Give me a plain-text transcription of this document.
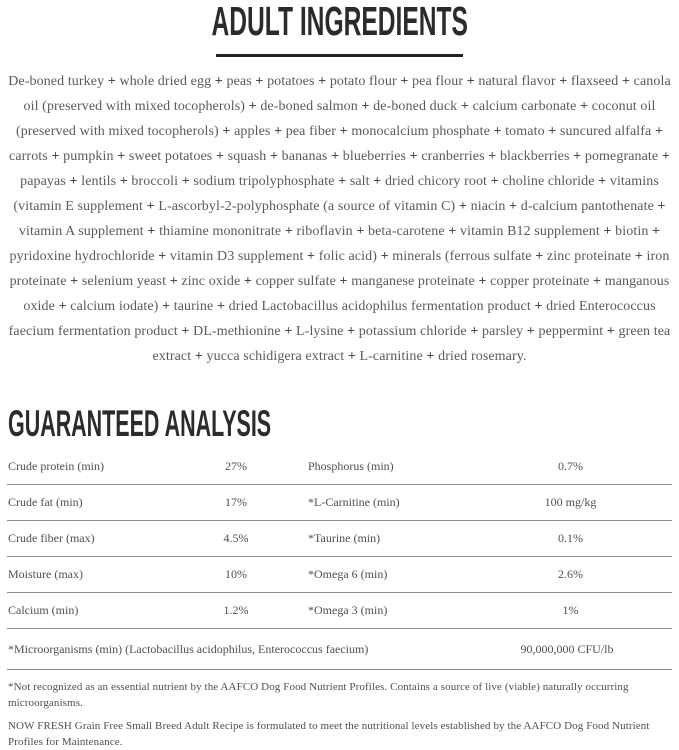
ADULT INGREDIENTS

De-boned turkey + whole dried egg + peas + potatoes + potato flour + pea flour + natural flavor + flaxseed + canola oil (preserved with mixed tocopherols) + de-boned salmon + de-boned duck + calcium carbonate + coconut oil (preserved with mixed tocopherols) + apples + pea fiber + monocalcium phosphate + tomato + suncured alfalfa + carrots + pumpkin + sweet potatoes + squash + bananas + blueberries + cranberries + blackberries + pomegranate + papayas + lentils + broccoli + sodium tripolyphosphate + salt + dried chicory root + choline chloride + vitamins (vitamin E supplement + L-ascorbyl-2-polyphosphate (a source of vitamin C) + niacin + d-calcium pantothenate + vitamin A supplement + thiamine mononitrate + riboflavin + beta-carotene + vitamin B12 supplement + biotin + pyridoxine hydrochloride + vitamin D3 supplement + folic acid) + minerals (ferrous sulfate + zinc proteinate + iron proteinate + selenium yeast + zinc oxide + copper sulfate + manganese proteinate + copper proteinate + manganous oxide + calcium iodate) + taurine + dried Lactobacillus acidophilus fermentation product + dried Enterococcus faecium fermentation product + DL-methionine + L-lysine + potassium chloride + parsley + peppermint + green tea extract + yucca schidigera extract + L-carnitine + dried rosemary.

GUARANTEED ANALYSIS
Crude protein (min)	27%	Phosphorus (min)	0.7%
Crude fat (min)	17%	*L-Carnitine (min)	100 mg/kg
Crude fiber (max)	4.5%	*Taurine (min)	0.1%
Moisture (max)	10%	*Omega 6 (min)	2.6%
Calcium (min)	1.2%	*Omega 3 (min)	1%
*Microorganisms (min) (Lactobacillus acidophilus, Enterococcus faecium)	90,000,000 CFU/lb

*Not recognized as an essential nutrient by the AAFCO Dog Food Nutrient Profiles. Contains a source of live (viable) naturally occurring microorganisms.

NOW FRESH Grain Free Small Breed Adult Recipe is formulated to meet the nutritional levels established by the AAFCO Dog Food Nutrient Profiles for Maintenance.
